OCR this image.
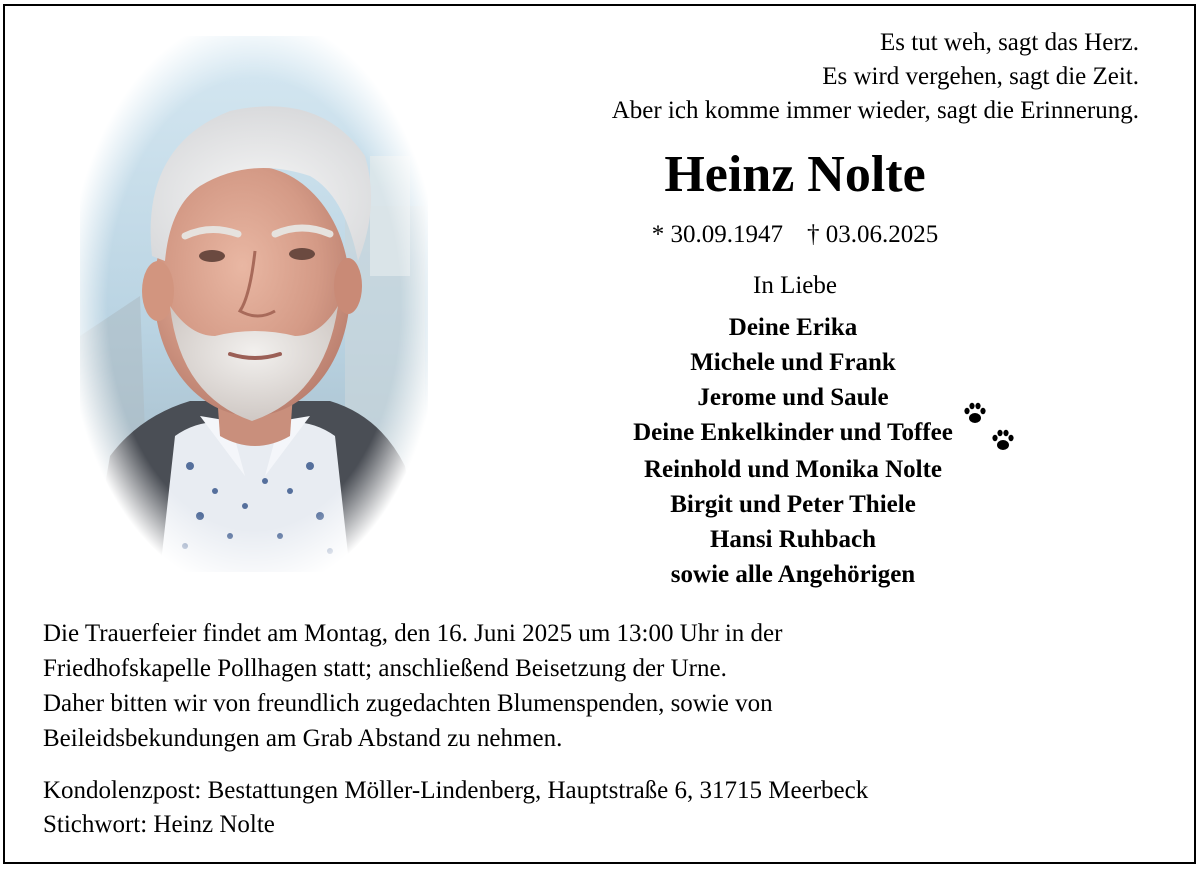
Es tut weh, sagt das Herz.
Es wird vergehen, sagt die Zeit.
Aber ich komme immer wieder, sagt die Erinnerung.
Heinz Nolte
* 30.09.1947 † 03.06.2025
In Liebe
Deine Erika
Michele und Frank
Jerome und Saule
Deine Enkelkinder und Toffee
Reinhold und Monika Nolte
Birgit und Peter Thiele
Hansi Ruhbach
sowie alle Angehörigen
Die Trauerfeier findet am Montag, den 16. Juni 2025 um 13:00 Uhr in der
Friedhofskapelle Pollhagen statt; anschließend Beisetzung der Urne.
Daher bitten wir von freundlich zugedachten Blumenspenden, sowie von
Beileidsbekundungen am Grab Abstand zu nehmen.
Kondolenzpost: Bestattungen Möller-Lindenberg, Hauptstraße 6, 31715 Meerbeck
Stichwort: Heinz Nolte
